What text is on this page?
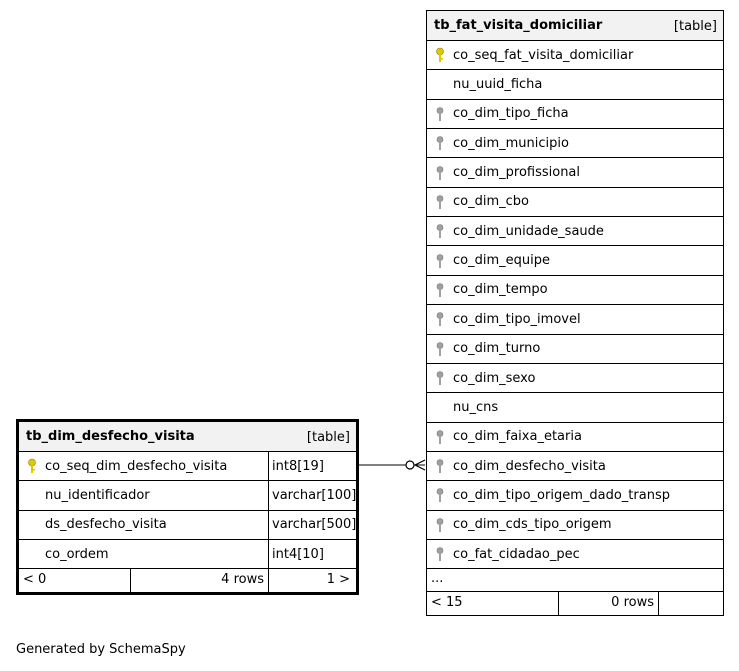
tb_fat_visita_domiciliar	[table]
co_seq_fat_visita_domiciliar
nu_uuid_ficha
co_dim_tipo_ficha
co_dim_municipio
co_dim_profissional
co_dim_cbo
co_dim_unidade_saude
co_dim_equipe
co_dim_tempo
co_dim_tipo_imovel
co_dim_turno
co_dim_sexo
nu_cns
co_dim_faixa_etaria
co_dim_desfecho_visita
co_dim_tipo_origem_dado_transp
co_dim_cds_tipo_origem
co_fat_cidadao_pec
...
< 15	0 rows
tb_dim_desfecho_visita	[table]
co_seq_dim_desfecho_visita	int8[19]
nu_identificador	varchar[100]
ds_desfecho_visita	varchar[500]
co_ordem	int4[10]
< 0	4 rows	1 >
Generated by SchemaSpy
